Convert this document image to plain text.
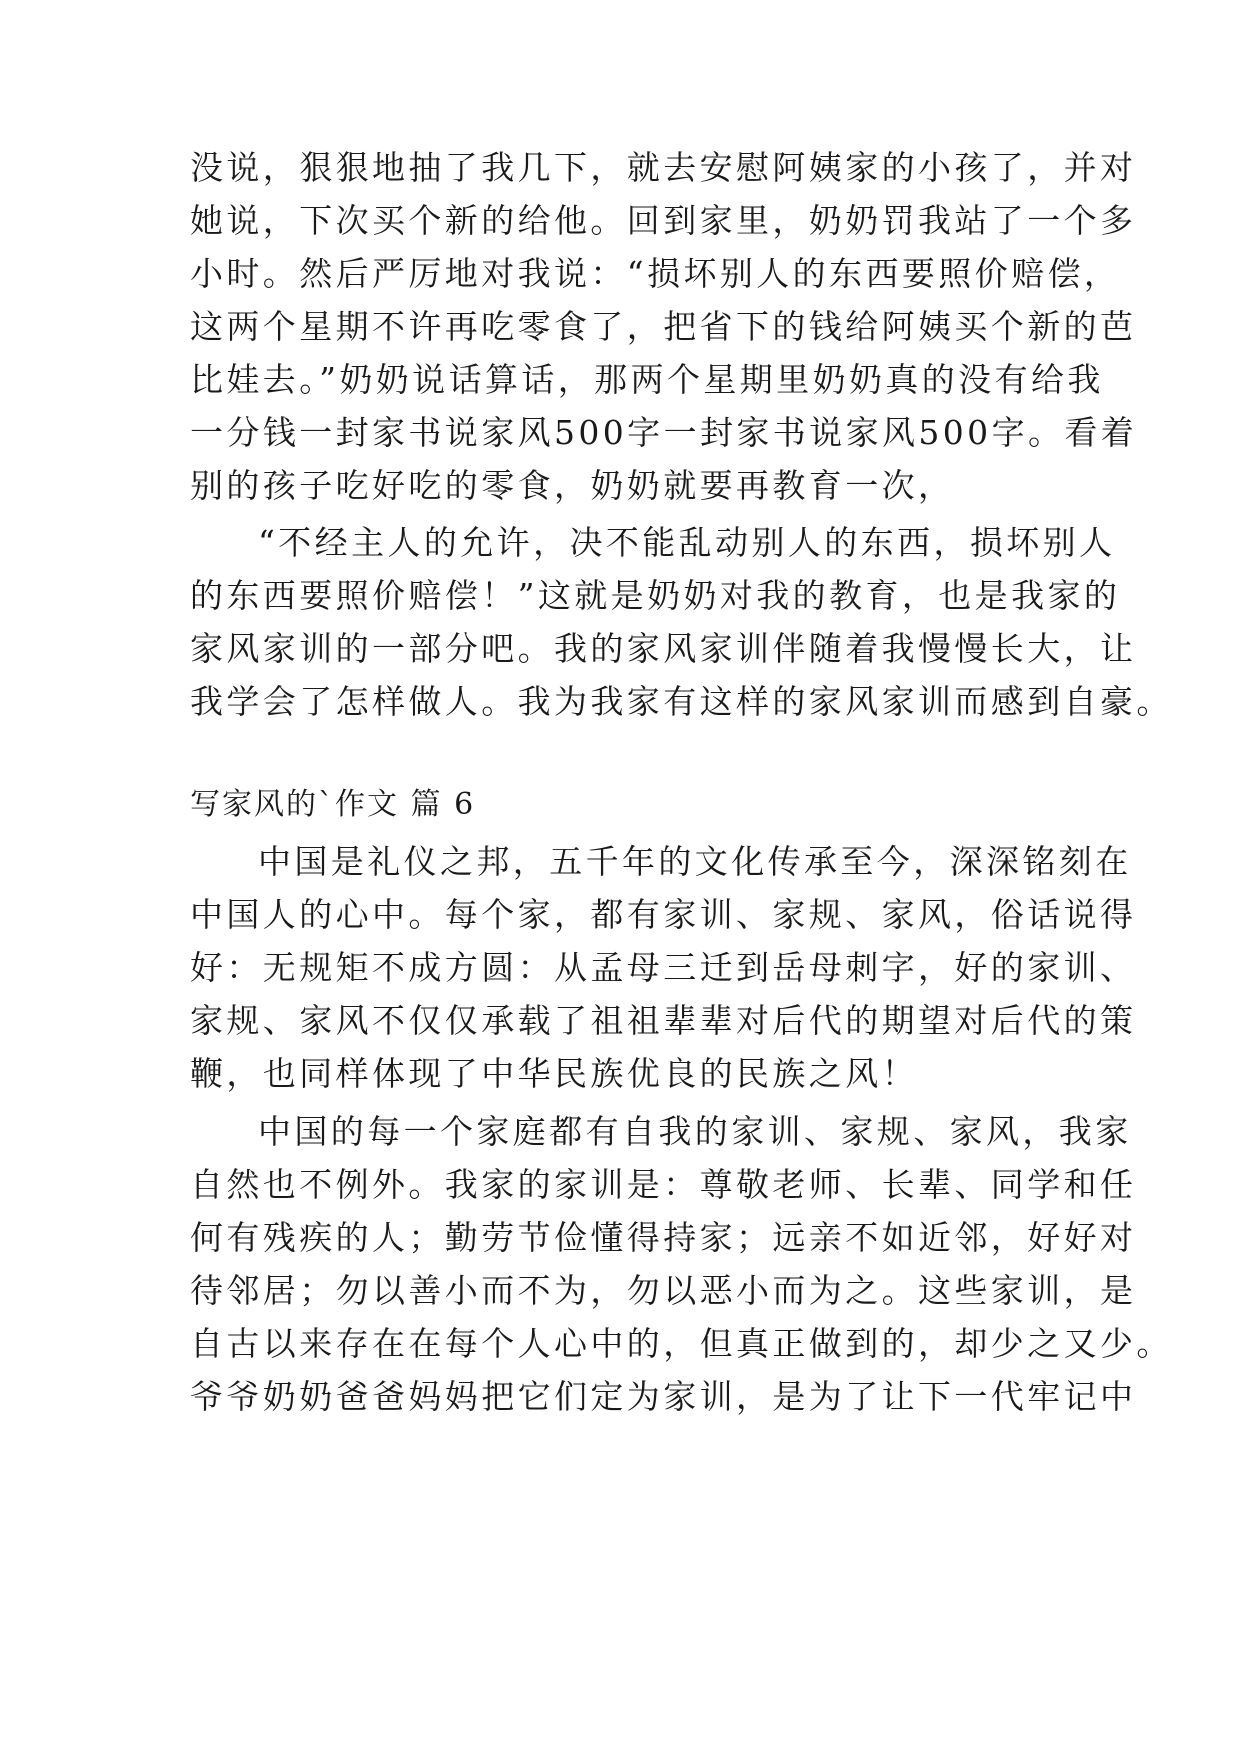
没说，狠狠地抽了我几下，就去安慰阿姨家的小孩了，并对
她说，下次买个新的给他。回到家里，奶奶罚我站了一个多
小时。然后严厉地对我说：“损坏别人的东西要照价赔偿，
这两个星期不许再吃零食了，把省下的钱给阿姨买个新的芭
比娃去。”奶奶说话算话，那两个星期里奶奶真的没有给我
一分钱一封家书说家风500字一封家书说家风500字。看着
别的孩子吃好吃的零食，奶奶就要再教育一次，
“不经主人的允许，决不能乱动别人的东西，损坏别人
的东西要照价赔偿！”这就是奶奶对我的教育，也是我家的
家风家训的一部分吧。我的家风家训伴随着我慢慢长大，让
我学会了怎样做人。我为我家有这样的家风家训而感到自豪。
写家风的`作文 篇 6
中国是礼仪之邦，五千年的文化传承至今，深深铭刻在
中国人的心中。每个家，都有家训、家规、家风，俗话说得
好：无规矩不成方圆：从孟母三迁到岳母刺字，好的家训、
家规、家风不仅仅承载了祖祖辈辈对后代的期望对后代的策
鞭，也同样体现了中华民族优良的民族之风！
中国的每一个家庭都有自我的家训、家规、家风，我家
自然也不例外。我家的家训是：尊敬老师、长辈、同学和任
何有残疾的人；勤劳节俭懂得持家；远亲不如近邻，好好对
待邻居；勿以善小而不为，勿以恶小而为之。这些家训，是
自古以来存在在每个人心中的，但真正做到的，却少之又少。
爷爷奶奶爸爸妈妈把它们定为家训，是为了让下一代牢记中
